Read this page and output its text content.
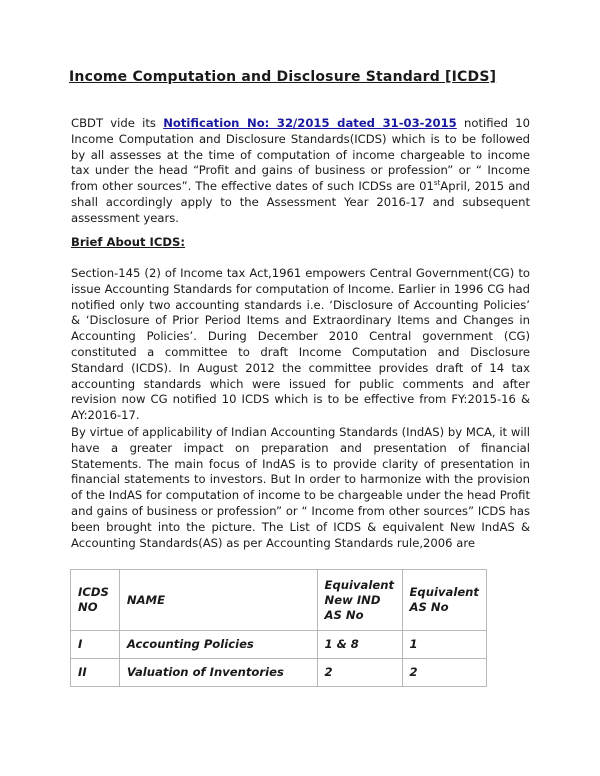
Income Computation and Disclosure Standard [ICDS]

CBDT vide its Notification No: 32/2015 dated 31-03-2015 notified 10 Income Computation and Disclosure Standards(ICDS) which is to be followed by all assesses at the time of computation of income chargeable to income tax under the head “Profit and gains of business or profession” or “ Income from other sources”. The effective dates of such ICDSs are 01stApril, 2015 and shall accordingly apply to the Assessment Year 2016-17 and subsequent assessment years.

Brief About ICDS:

Section-145 (2) of Income tax Act,1961 empowers Central Government(CG) to issue Accounting Standards for computation of Income. Earlier in 1996 CG had notified only two accounting standards i.e. ‘Disclosure of Accounting Policies’ & ‘Disclosure of Prior Period Items and Extraordinary Items and Changes in Accounting Policies’. During December 2010 Central government (CG) constituted a committee to draft Income Computation and Disclosure Standard (ICDS). In August 2012 the committee provides draft of 14 tax accounting standards which were issued for public comments and after revision now CG notified 10 ICDS which is to be effective from FY:2015-16 & AY:2016-17.

By virtue of applicability of Indian Accounting Standards (IndAS) by MCA, it will have a greater impact on preparation and presentation of financial Statements. The main focus of IndAS is to provide clarity of presentation in financial statements to investors. But In order to harmonize with the provision of the IndAS for computation of income to be chargeable under the head Profit and gains of business or profession” or “ Income from other sources” ICDS has been brought into the picture. The List of ICDS & equivalent New IndAS & Accounting Standards(AS) as per Accounting Standards rule,2006 are

ICDS NO	NAME	Equivalent New IND AS No	Equivalent AS No
I	Accounting Policies	1 & 8	1
II	Valuation of Inventories	2	2
